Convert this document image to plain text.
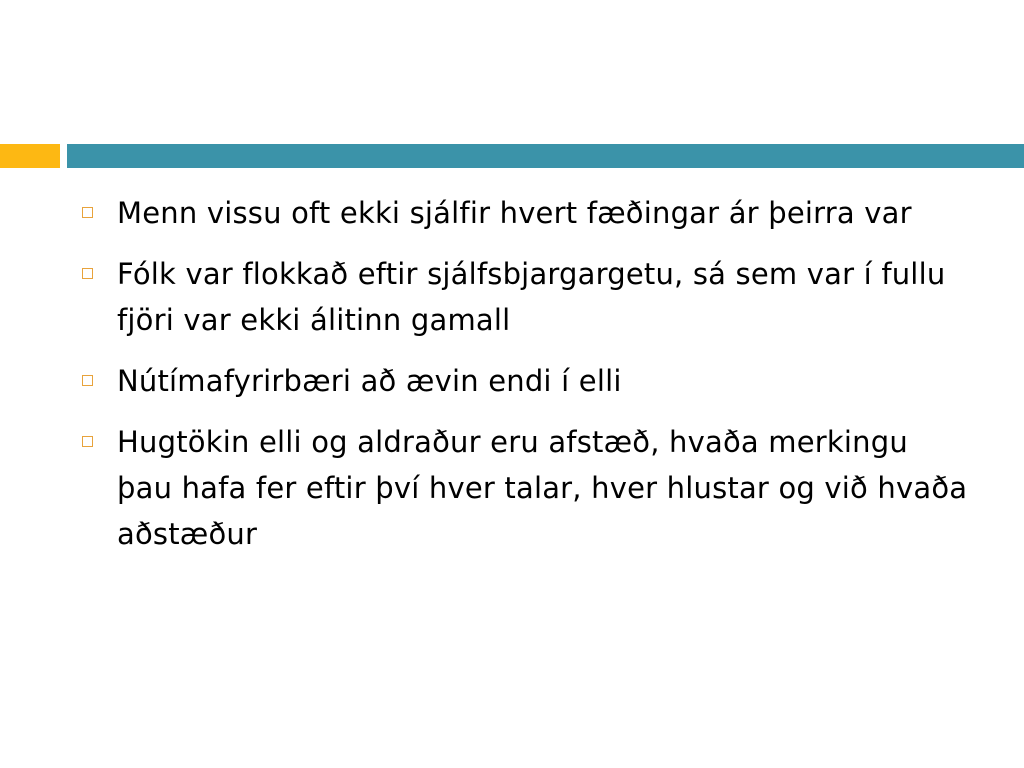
Menn vissu oft ekki sjálfir hvert fæðingar ár þeirra var
Fólk var flokkað eftir sjálfsbjargargetu, sá sem var í fullu fjöri var ekki álitinn gamall
Nútímafyrirbæri að ævin endi í elli
Hugtökin elli og aldraður eru afstæð, hvaða merkingu þau hafa fer eftir því hver talar, hver hlustar og við hvaða aðstæður
